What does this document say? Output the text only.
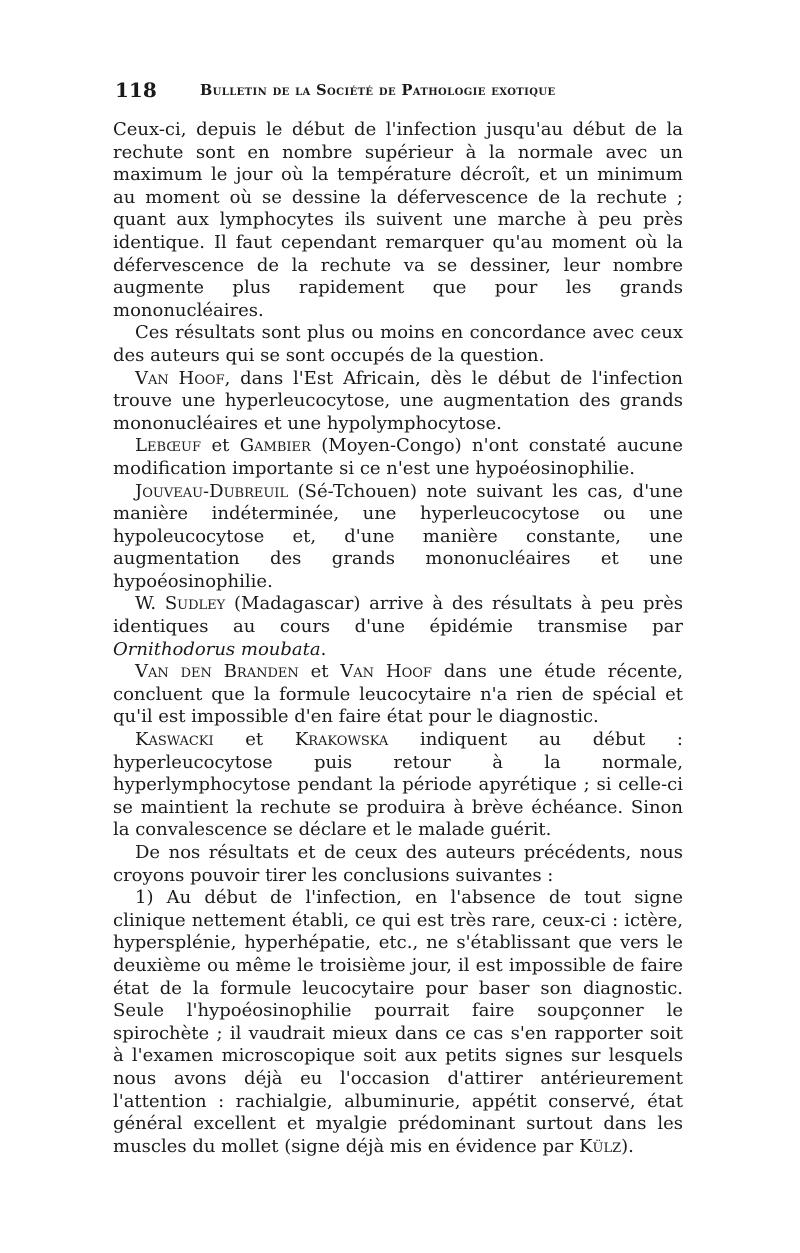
118	Bulletin de la Société de Pathologie exotique

Ceux-ci, depuis le début de l'infection jusqu'au début de la rechute sont en nombre supérieur à la normale avec un maximum le jour où la température décroît, et un minimum au moment où se dessine la défervescence de la rechute ; quant aux lymphocytes ils suivent une marche à peu près identique. Il faut cependant remarquer qu'au moment où la défervescence de la rechute va se dessiner, leur nombre augmente plus rapidement que pour les grands mononucléaires.

Ces résultats sont plus ou moins en concordance avec ceux des auteurs qui se sont occupés de la question.

Van Hoof, dans l'Est Africain, dès le début de l'infection trouve une hyperleucocytose, une augmentation des grands mononucléaires et une hypolymphocytose.

Lebœuf et Gambier (Moyen-Congo) n'ont constaté aucune modification importante si ce n'est une hypoéosinophilie.

Jouveau-Dubreuil (Sé-Tchouen) note suivant les cas, d'une manière indéterminée, une hyperleucocytose ou une hypoleucocytose et, d'une manière constante, une augmentation des grands mononucléaires et une hypoéosinophilie.

W. Sudley (Madagascar) arrive à des résultats à peu près identiques au cours d'une épidémie transmise par Ornithodorus moubata.

Van den Branden et Van Hoof dans une étude récente, concluent que la formule leucocytaire n'a rien de spécial et qu'il est impossible d'en faire état pour le diagnostic.

Kaswacki et Krakowska indiquent au début : hyperleucocytose puis retour à la normale, hyperlymphocytose pendant la période apyrétique ; si celle-ci se maintient la rechute se produira à brève échéance. Sinon la convalescence se déclare et le malade guérit.

De nos résultats et de ceux des auteurs précédents, nous croyons pouvoir tirer les conclusions suivantes :

1) Au début de l'infection, en l'absence de tout signe clinique nettement établi, ce qui est très rare, ceux-ci : ictère, hypersplénie, hyperhépatie, etc., ne s'établissant que vers le deuxième ou même le troisième jour, il est impossible de faire état de la formule leucocytaire pour baser son diagnostic. Seule l'hypoéosinophilie pourrait faire soupçonner le spirochète ; il vaudrait mieux dans ce cas s'en rapporter soit à l'examen microscopique soit aux petits signes sur lesquels nous avons déjà eu l'occasion d'attirer antérieurement l'attention : rachialgie, albuminurie, appétit conservé, état général excellent et myalgie prédominant surtout dans les muscles du mollet (signe déjà mis en évidence par Külz).
